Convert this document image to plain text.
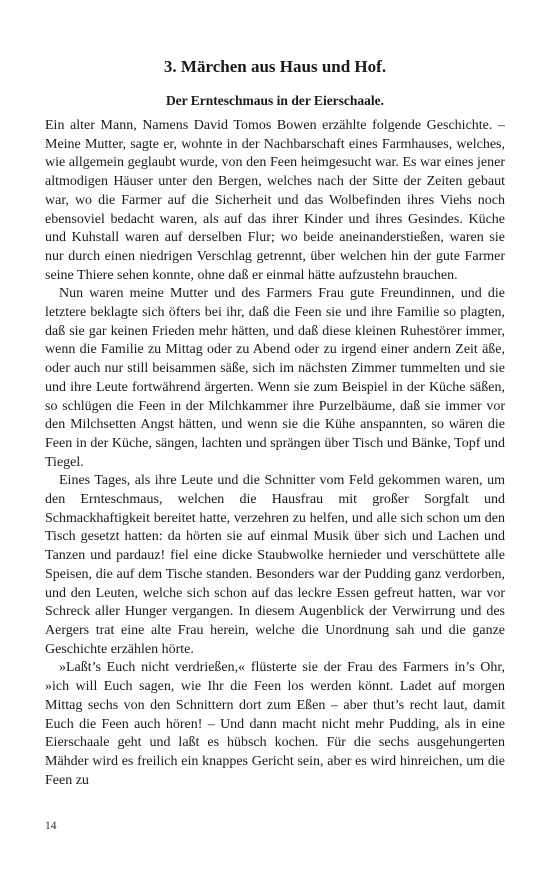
3. Märchen aus Haus und Hof.
Der Ernteschmaus in der Eierschaale.

Ein alter Mann, Namens David Tomos Bowen erzählte folgende Geschichte. – Meine Mutter, sagte er, wohnte in der Nachbarschaft eines Farmhauses, welches, wie allgemein geglaubt wurde, von den Feen heimgesucht war. Es war eines jener altmodigen Häuser unter den Bergen, welches nach der Sitte der Zeiten gebaut war, wo die Farmer auf die Sicherheit und das Wolbefinden ihres Viehs noch ebensoviel bedacht waren, als auf das ihrer Kinder und ihres Gesindes. Küche und Kuhstall waren auf derselben Flur; wo beide aneinanderstießen, waren sie nur durch einen niedrigen Verschlag getrennt, über welchen hin der gute Farmer seine Thiere sehen konnte, ohne daß er einmal hätte aufzustehn brauchen.

Nun waren meine Mutter und des Farmers Frau gute Freundinnen, und die letztere beklagte sich öfters bei ihr, daß die Feen sie und ihre Familie so plagten, daß sie gar keinen Frieden mehr hätten, und daß diese kleinen Ruhestörer immer, wenn die Familie zu Mittag oder zu Abend oder zu irgend einer andern Zeit äße, oder auch nur still beisammen säße, sich im nächsten Zimmer tummelten und sie und ihre Leute fortwährend ärgerten. Wenn sie zum Beispiel in der Küche säßen, so schlügen die Feen in der Milchkammer ihre Purzelbäume, daß sie immer vor den Milchsetten Angst hätten, und wenn sie die Kühe anspannten, so wären die Feen in der Küche, sängen, lachten und sprängen über Tisch und Bänke, Topf und Tiegel.

Eines Tages, als ihre Leute und die Schnitter vom Feld gekommen waren, um den Ernteschmaus, welchen die Hausfrau mit großer Sorgfalt und Schmackhaftigkeit bereitet hatte, verzehren zu helfen, und alle sich schon um den Tisch gesetzt hatten: da hörten sie auf einmal Musik über sich und Lachen und Tanzen und pardauz! fiel eine dicke Staubwolke hernieder und verschüttete alle Speisen, die auf dem Tische standen. Besonders war der Pudding ganz verdorben, und den Leuten, welche sich schon auf das leckre Essen gefreut hatten, war vor Schreck aller Hunger vergangen. In diesem Augenblick der Verwirrung und des Aergers trat eine alte Frau herein, welche die Unordnung sah und die ganze Geschichte erzählen hörte.

»Laßt’s Euch nicht verdrießen,« flüsterte sie der Frau des Farmers in’s Ohr, »ich will Euch sagen, wie Ihr die Feen los werden könnt. Ladet auf morgen Mittag sechs von den Schnittern dort zum Eßen – aber thut’s recht laut, damit Euch die Feen auch hören! – Und dann macht nicht mehr Pudding, als in eine Eierschaale geht und laßt es hübsch kochen. Für die sechs ausgehungerten Mähder wird es freilich ein knappes Gericht sein, aber es wird hinreichen, um die Feen zu

14
